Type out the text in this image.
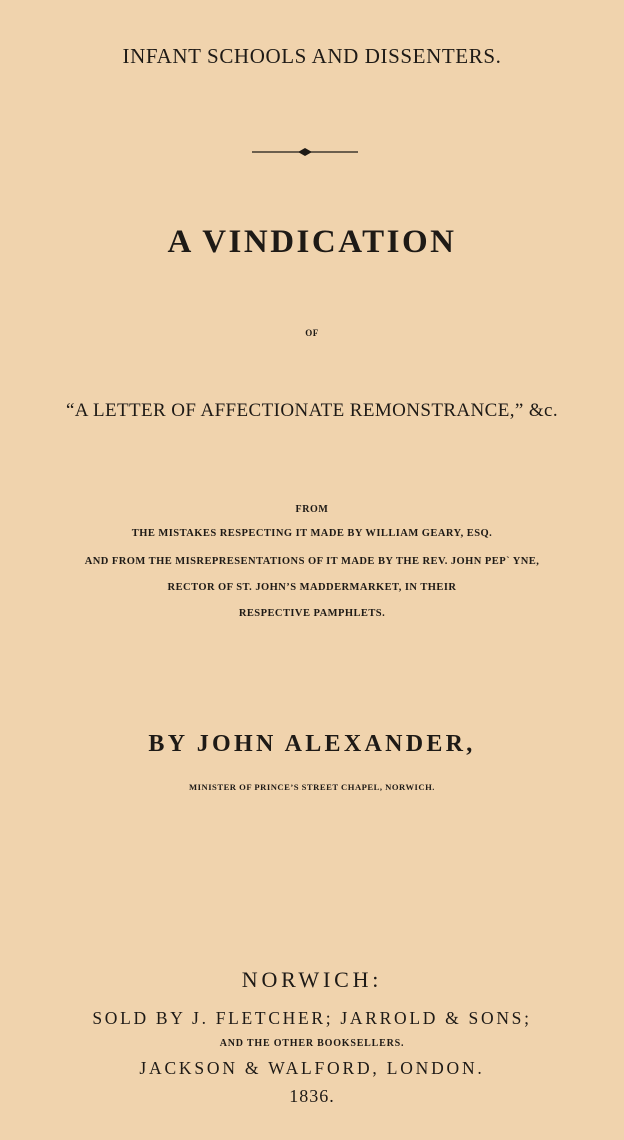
INFANT SCHOOLS AND DISSENTERS.
A VINDICATION
OF
“A LETTER OF AFFECTIONATE REMONSTRANCE,” &c.
FROM
THE MISTAKES RESPECTING IT MADE BY WILLIAM GEARY, ESQ.
AND FROM THE MISREPRESENTATIONS OF IT MADE BY THE REV. JOHN PEP` YNE,
RECTOR OF ST. JOHN’S MADDERMARKET, IN THEIR
RESPECTIVE PAMPHLETS.
BY JOHN ALEXANDER,
MINISTER OF PRINCE’S STREET CHAPEL, NORWICH.
NORWICH:
SOLD BY J. FLETCHER; JARROLD & SONS;
AND THE OTHER BOOKSELLERS.
JACKSON & WALFORD, LONDON.
1836.
